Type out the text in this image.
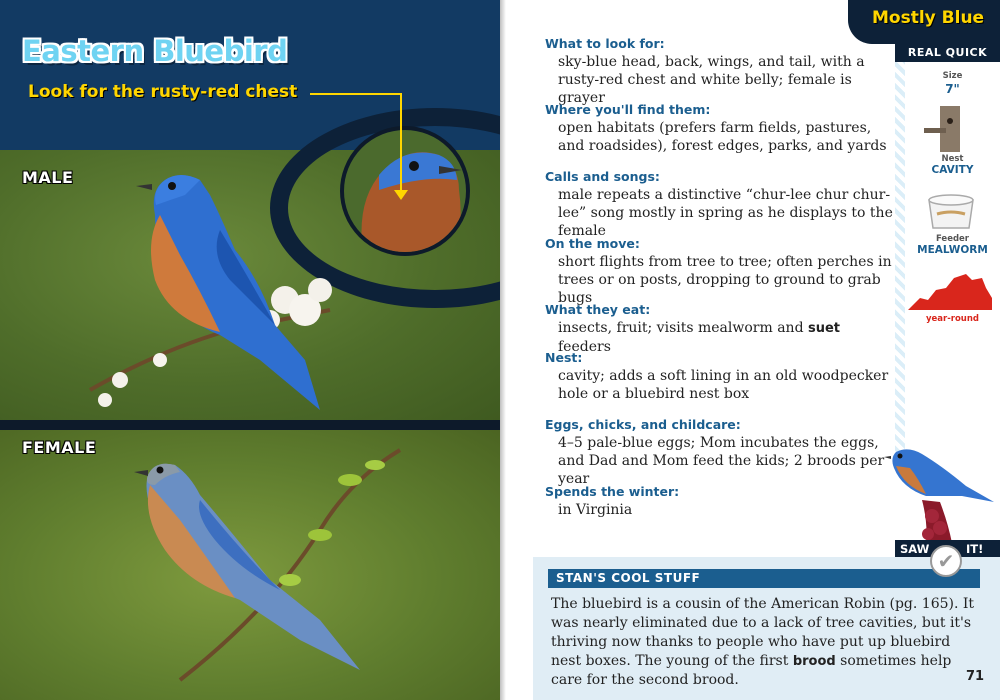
Eastern Bluebird
Look for the rusty-red chest
MALE
FEMALE
What to look for:
sky-blue head, back, wings, and tail, with a rusty-red chest and white belly; female is grayer
Where you'll find them:
open habitats (prefers farm fields, pastures, and roadsides), forest edges, parks, and yards
Calls and songs:
male repeats a distinctive “chur-lee chur chur-lee” song mostly in spring as he displays to the female
On the move:
short flights from tree to tree; often perches in trees or on posts, dropping to ground to grab bugs
What they eat:
insects, fruit; visits mealworm and suet feeders
Nest:
cavity; adds a soft lining in an old woodpecker hole or a bluebird nest box
Eggs, chicks, and childcare:
4–5 pale-blue eggs; Mom incubates the eggs, and Dad and Mom feed the kids; 2 broods per year
Spends the winter:
in Virginia
Mostly Blue
REAL QUICK
Size
7"
Nest
CAVITY
Feeder
MEALWORM
year-round
SAW	IT!
STAN'S COOL STUFF
The bluebird is a cousin of the American Robin (pg. 165). It was nearly eliminated due to a lack of tree cavities, but it's thriving now thanks to people who have put up bluebird nest boxes. The young of the first brood sometimes help care for the second brood.
✔
71
